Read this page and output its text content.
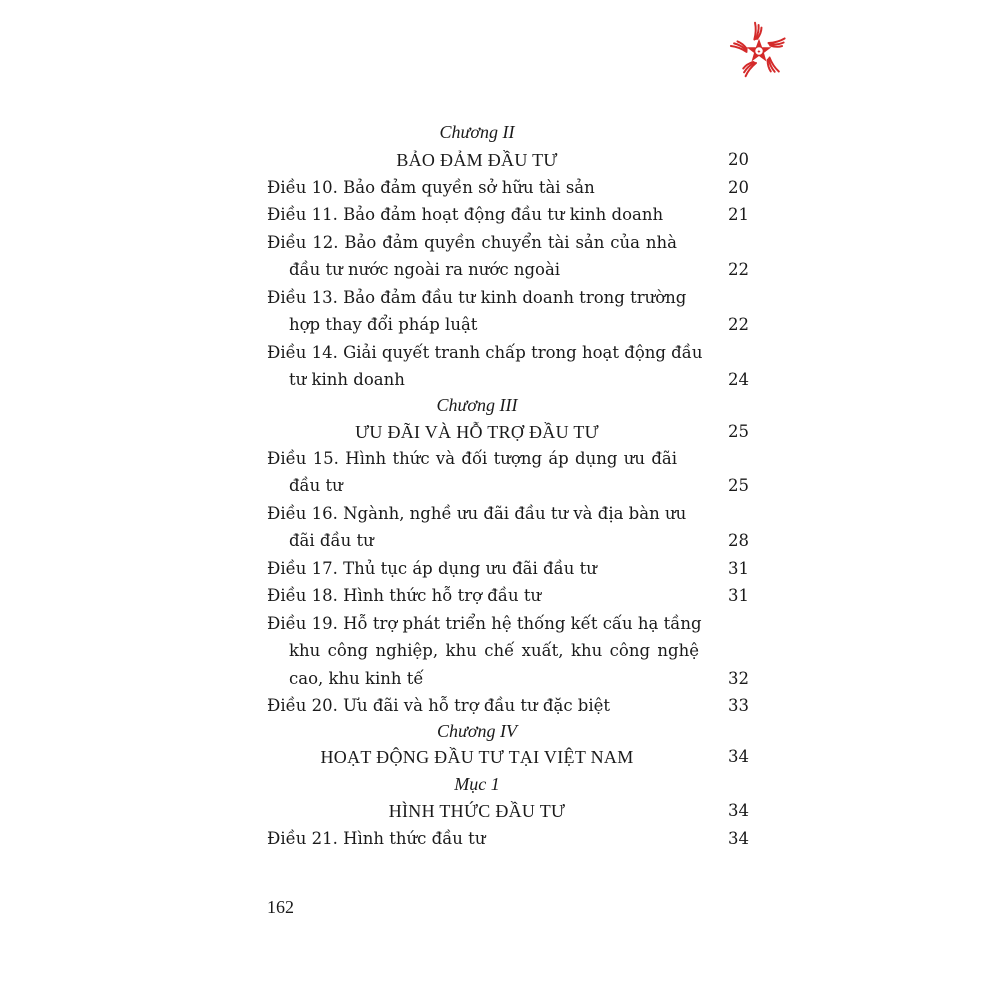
✦
Chương II
BẢO ĐẢM ĐẦU TƯ	20
Điều 10. Bảo đảm quyền sở hữu tài sản	20
Điều 11. Bảo đảm hoạt động đầu tư kinh doanh	21
Điều 12. Bảo đảm quyền chuyển tài sản của nhà
đầu tư nước ngoài ra nước ngoài	22
Điều 13. Bảo đảm đầu tư kinh doanh trong trường
hợp thay đổi pháp luật	22
Điều 14. Giải quyết tranh chấp trong hoạt động đầu
tư kinh doanh	24
Chương III
ƯU ĐÃI VÀ HỖ TRỢ ĐẦU TƯ	25
Điều 15. Hình thức và đối tượng áp dụng ưu đãi
đầu tư	25
Điều 16. Ngành, nghề ưu đãi đầu tư và địa bàn ưu
đãi đầu tư	28
Điều 17. Thủ tục áp dụng ưu đãi đầu tư	31
Điều 18. Hình thức hỗ trợ đầu tư	31
Điều 19. Hỗ trợ phát triển hệ thống kết cấu hạ tầng
khu công nghiệp, khu chế xuất, khu công nghệ
cao, khu kinh tế	32
Điều 20. Ưu đãi và hỗ trợ đầu tư đặc biệt	33
Chương IV
HOẠT ĐỘNG ĐẦU TƯ TẠI VIỆT NAM	34
Mục 1
HÌNH THỨC ĐẦU TƯ	34
Điều 21. Hình thức đầu tư	34
162
